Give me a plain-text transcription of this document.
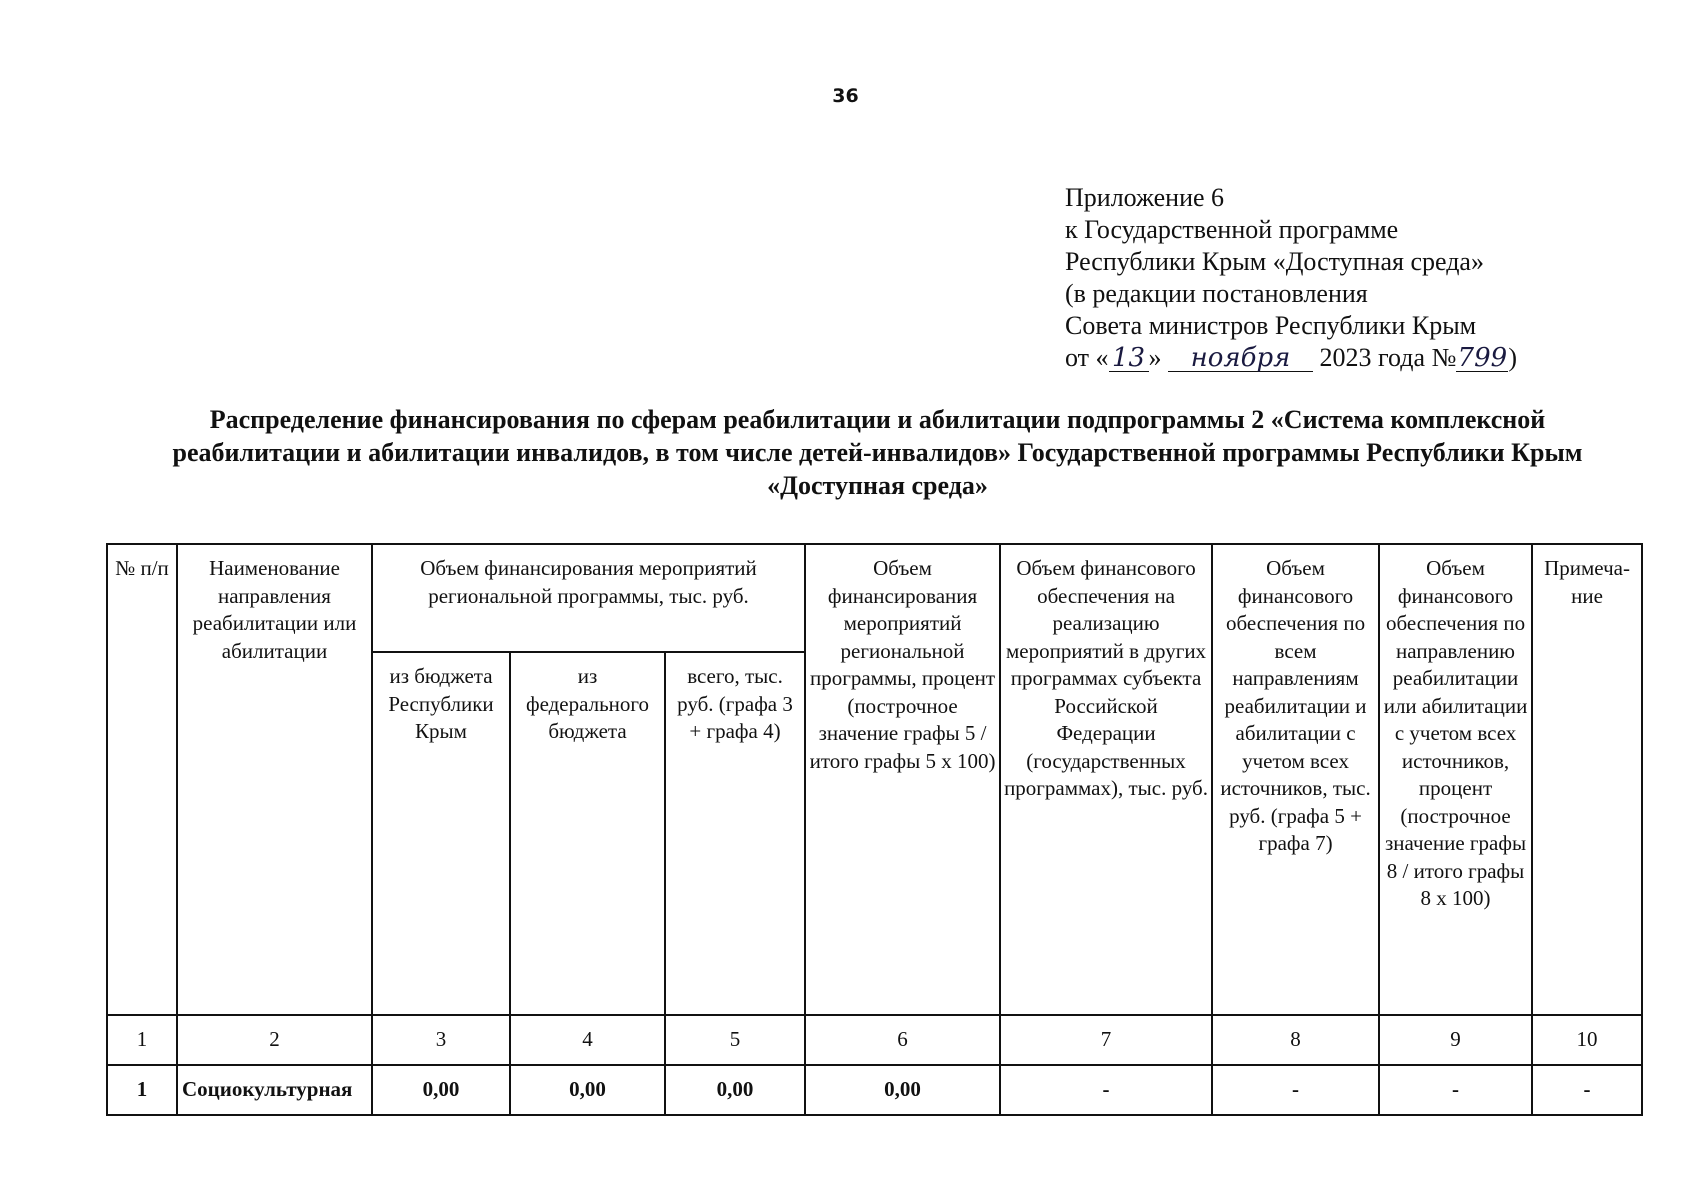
36
Приложение 6
к Государственной программе
Республики Крым «Доступная среда»
(в редакции постановления
Совета министров Республики Крым
от « 13 » ноября 2023 года №799)
Распределение финансирования по сферам реабилитации и абилитации подпрограммы 2 «Система комплексной
реабилитации и абилитации инвалидов, в том числе детей-инвалидов» Государственной программы Республики Крым
«Доступная среда»
№ п/п	Наименование направления реабилитации или абилитации	Объем финансирования мероприятий региональной программы, тыс. руб.			Объем финансирования мероприятий региональной программы, процент (построчное значение графы 5 / итого графы 5 х 100)	Объем финансового обеспечения на реализацию мероприятий в других программах субъекта Российской Федерации (государственных программах), тыс. руб.	Объем финансового обеспечения по всем направлениям реабилитации и абилитации с учетом всех источников, тыс. руб. (графа 5 + графа 7)	Объем финансового обеспечения по направлению реабилитации или абилитации с учетом всех источников, процент (построчное значение графы 8 / итого графы 8 х 100)	Примеча-ние
		из бюджета Республики Крым	из федерального бюджета	всего, тыс. руб. (графа 3 + графа 4)					
1	2	3	4	5	6	7	8	9	10
1	Социокультурная	0,00	0,00	0,00	0,00	-	-	-	-
